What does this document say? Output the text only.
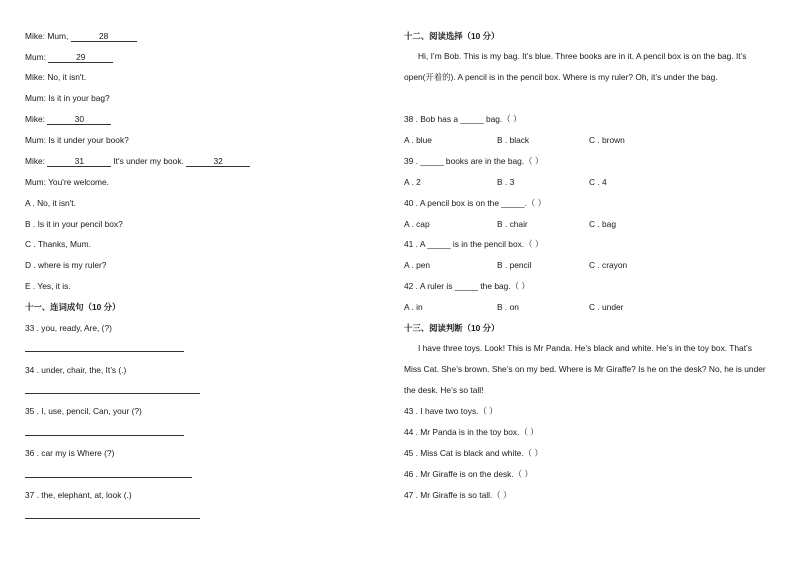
Mike: Mum,	28
Mum:	29
Mike: No, it isn't.
Mum: Is it in your bag?
Mike:	30
Mum: Is it under your book?
Mike:	31	It's under my book.	32
Mum: You're welcome.
A . No, it isn't.
B . Is it in your pencil box?
C . Thanks, Mum.
D . where is my ruler?
E . Yes, it is.
十一、连词成句（10 分）
33 . you, ready, Are, (?)
34 . under, chair, the, It’s (.)
35 . I, use, pencil, Can, your (?)
36 . car my is Where (?)
37 . the, elephant, at, look (.)
十二、阅读选择（10 分）
Hi, I’m Bob. This is my bag. It’s blue. Three books are in it. A pencil box is on the bag. It’s open(开着的). A pencil is in the pencil box. Where is my ruler? Oh, it’s under the bag.
38 . Bob has a _____ bag.（ ）
A . blue	B . black	C . brown
39 . _____ books are in the bag.（ ）
A . 2	B . 3	C . 4
40 . A pencil box is on the _____.（ ）
A . cap	B . chair	C . bag
41 . A _____ is in the pencil box.（ ）
A . pen	B . pencil	C . crayon
42 . A ruler is _____ the bag.（ ）
A . in	B . on	C . under
十三、阅读判断（10 分）
I have three toys. Look! This is Mr Panda. He’s black and white. He’s in the toy box. That’s Miss Cat. She’s brown. She’s on my bed. Where is Mr Giraffe? Is he on the desk? No, he is under the desk. He’s so tall!
43 . I have two toys.（ ）
44 . Mr Panda is in the toy box.（ ）
45 . Miss Cat is black and white.（ ）
46 . Mr Giraffe is on the desk.（ ）
47 . Mr Giraffe is so tall.（ ）
